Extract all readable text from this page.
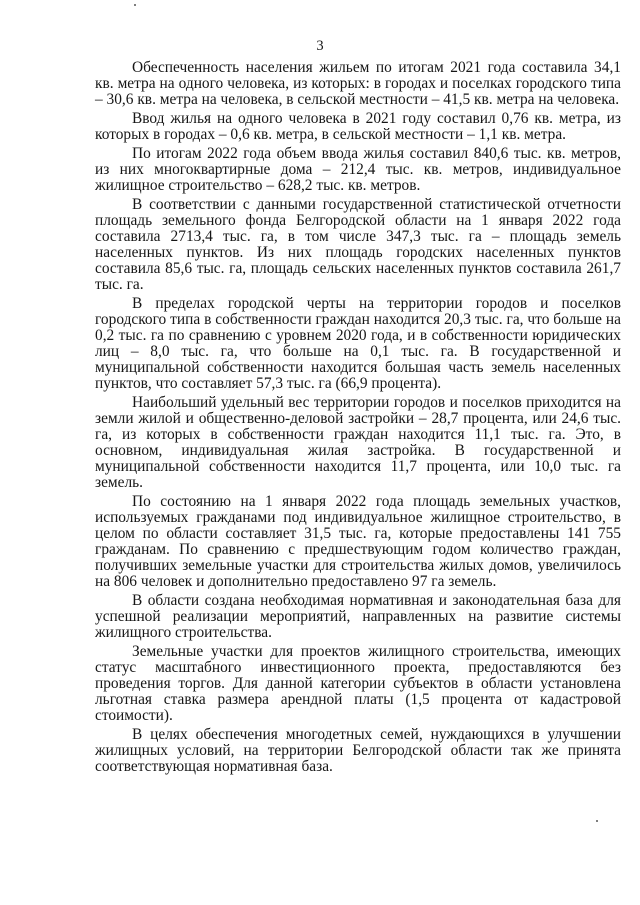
3

Обеспеченность населения жильем по итогам 2021 года составила 34,1 кв. метра на одного человека, из которых: в городах и поселках городского типа – 30,6 кв. метра на человека, в сельской местности – 41,5 кв. метра на человека.

Ввод жилья на одного человека в 2021 году составил 0,76 кв. метра, из которых в городах – 0,6 кв. метра, в сельской местности – 1,1 кв. метра.

По итогам 2022 года объем ввода жилья составил 840,6 тыс. кв. метров, из них многоквартирные дома – 212,4 тыс. кв. метров, индивидуальное жилищное строительство – 628,2 тыс. кв. метров.

В соответствии с данными государственной статистической отчетности площадь земельного фонда Белгородской области на 1 января 2022 года составила 2713,4 тыс. га, в том числе 347,3 тыс. га – площадь земель населенных пунктов. Из них площадь городских населенных пунктов составила 85,6 тыс. га, площадь сельских населенных пунктов составила 261,7 тыс. га.

В пределах городской черты на территории городов и поселков городского типа в собственности граждан находится 20,3 тыс. га, что больше на 0,2 тыс. га по сравнению с уровнем 2020 года, и в собственности юридических лиц – 8,0 тыс. га, что больше на 0,1 тыс. га. В государственной и муниципальной собственности находится большая часть земель населенных пунктов, что составляет 57,3 тыс. га (66,9 процента).

Наибольший удельный вес территории городов и поселков приходится на земли жилой и общественно-деловой застройки – 28,7 процента, или 24,6 тыс. га, из которых в собственности граждан находится 11,1 тыс. га. Это, в основном, индивидуальная жилая застройка. В государственной и муниципальной собственности находится 11,7 процента, или 10,0 тыс. га земель.

По состоянию на 1 января 2022 года площадь земельных участков, используемых гражданами под индивидуальное жилищное строительство, в целом по области составляет 31,5 тыс. га, которые предоставлены 141 755 гражданам. По сравнению с предшествующим годом количество граждан, получивших земельные участки для строительства жилых домов, увеличилось на 806 человек и дополнительно предоставлено 97 га земель.

В области создана необходимая нормативная и законодательная база для успешной реализации мероприятий, направленных на развитие системы жилищного строительства.

Земельные участки для проектов жилищного строительства, имеющих статус масштабного инвестиционного проекта, предоставляются без проведения торгов. Для данной категории субъектов в области установлена льготная ставка размера арендной платы (1,5 процента от кадастровой стоимости).

В целях обеспечения многодетных семей, нуждающихся в улучшении жилищных условий, на территории Белгородской области так же принята соответствующая нормативная база.
